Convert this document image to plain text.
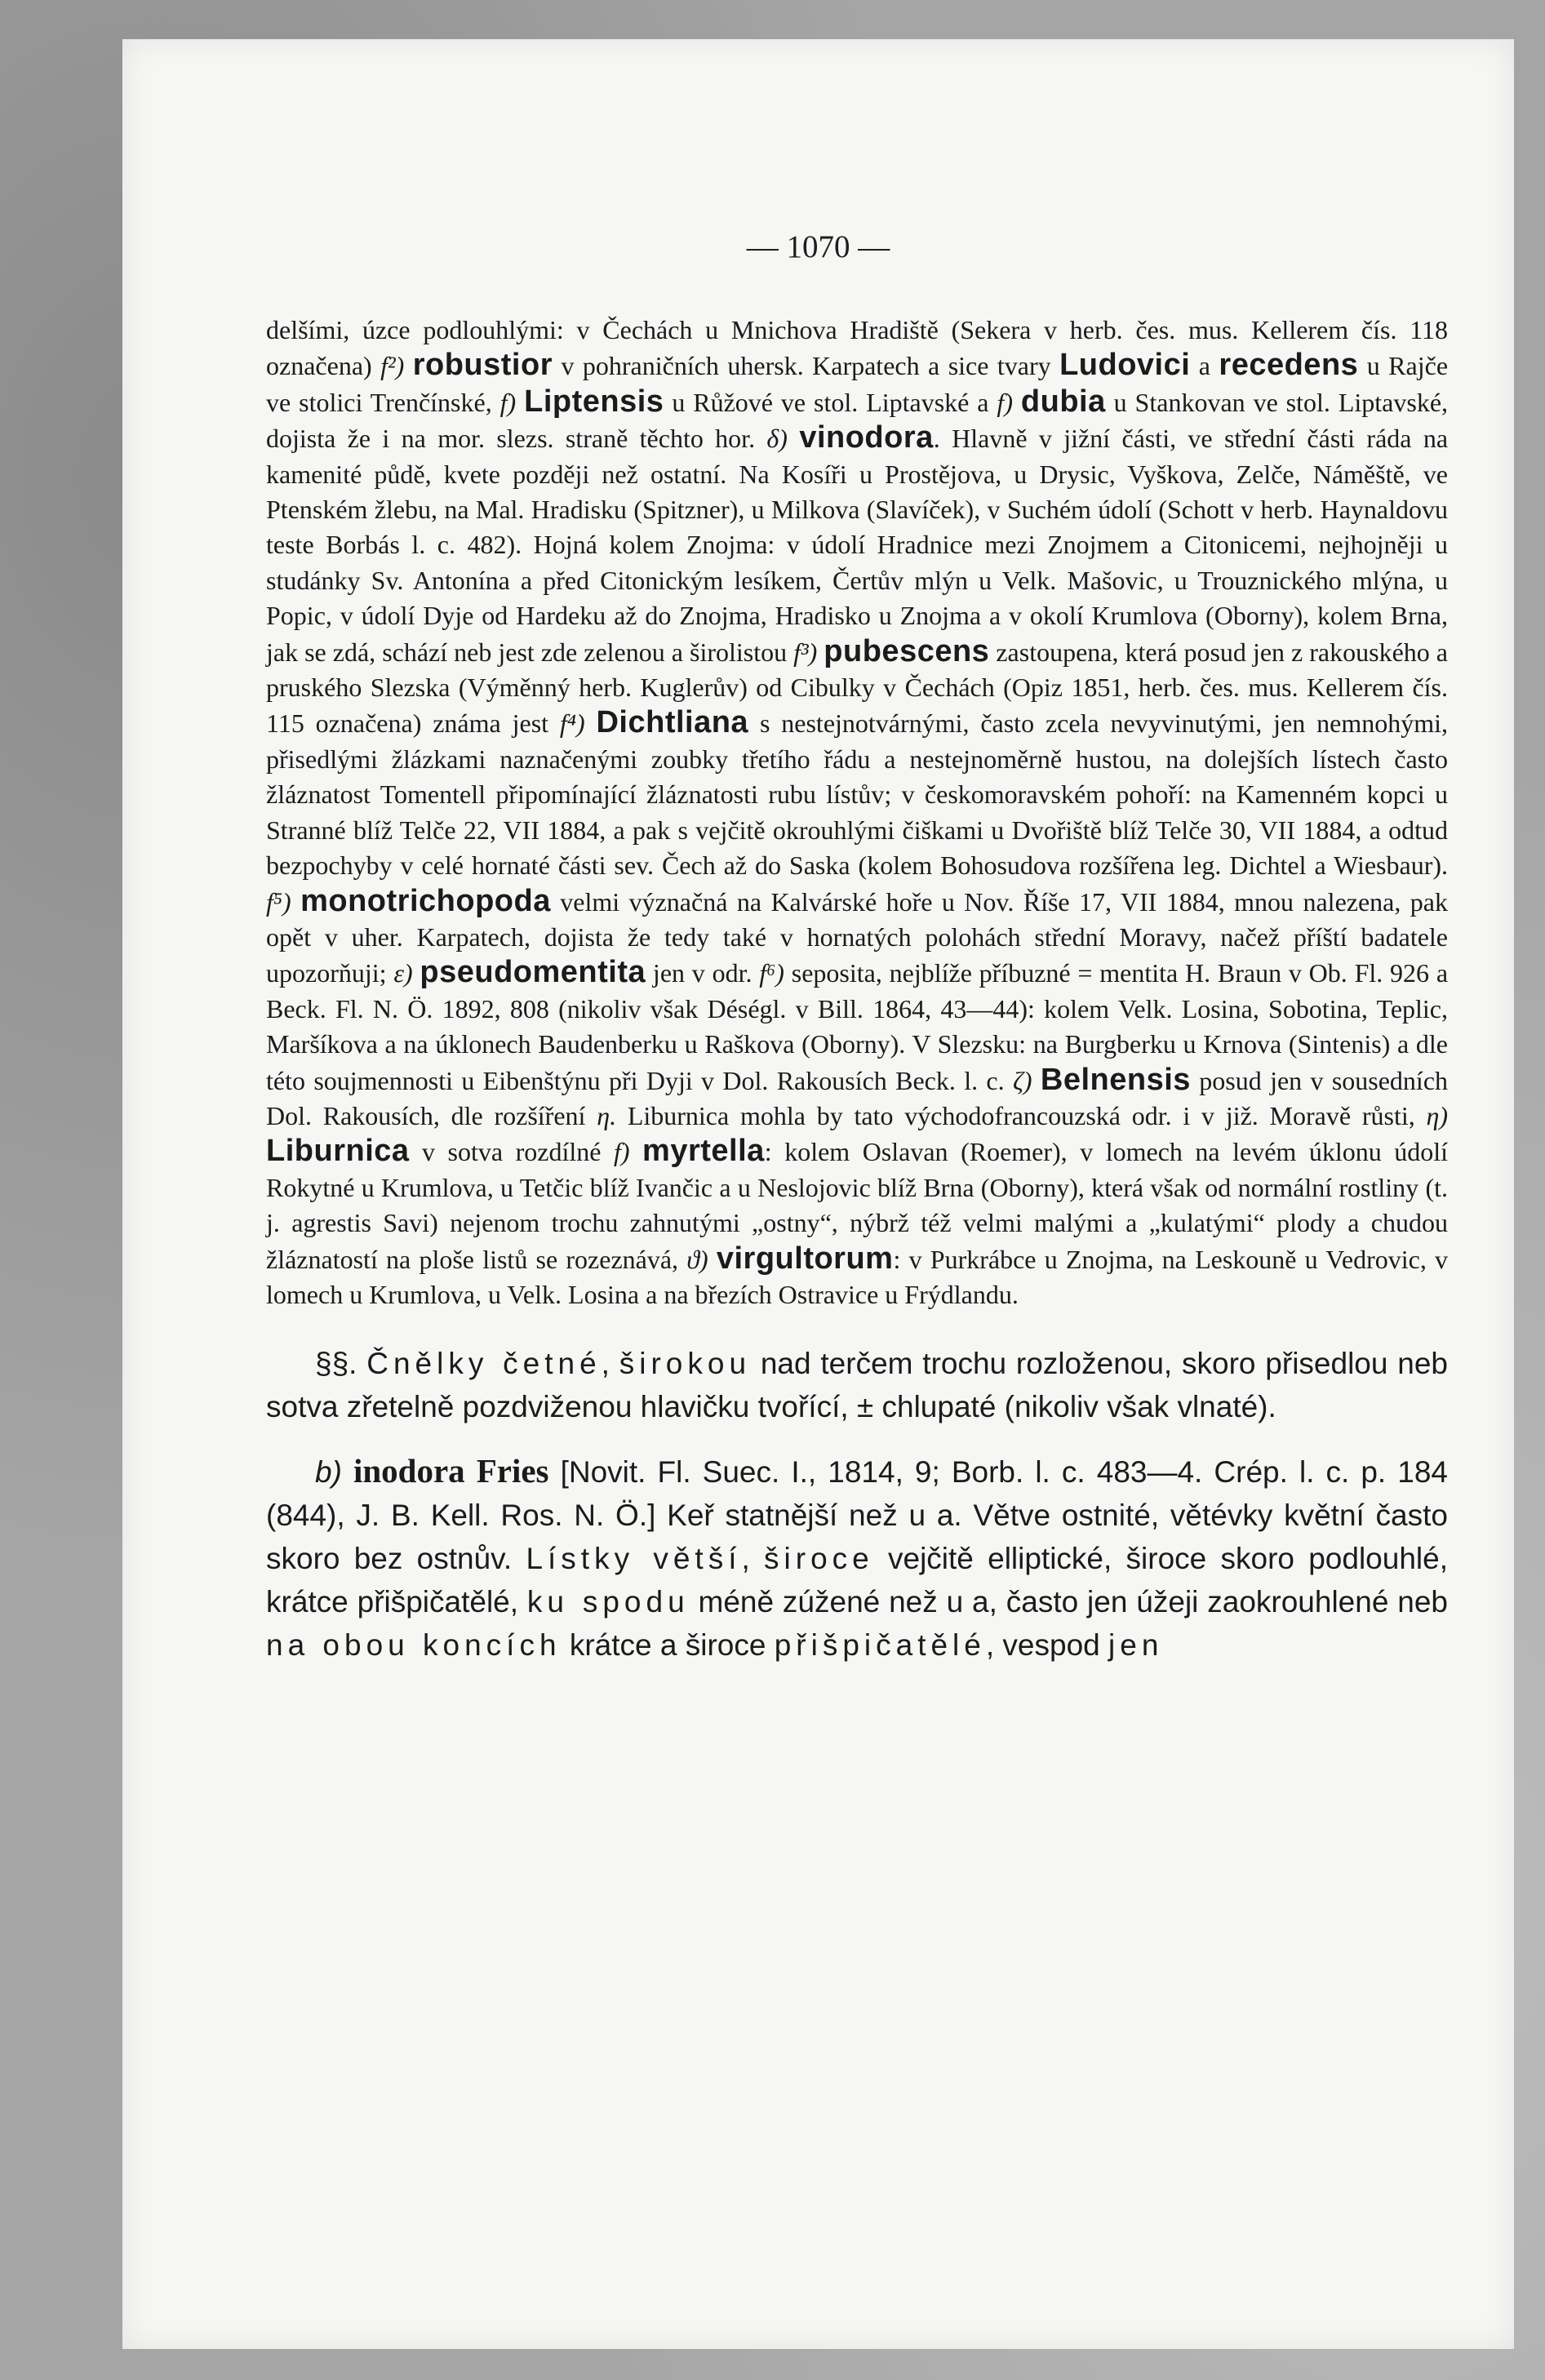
— 1070 —

delšími, úzce podlouhlými: v Čechách u Mnichova Hradiště (Sekera v herb. čes. mus. Kellerem čís. 118 označena) f²) robustior v pohraničních uhersk. Karpatech a sice tvary Ludovici a recedens u Rajče ve stolici Trenčínské, f) Liptensis u Růžové ve stol. Liptavské a f) dubia u Stankovan ve stol. Liptavské, dojista že i na mor. slezs. straně těchto hor. δ) vinodora. Hlavně v jižní části, ve střední části ráda na kamenité půdě, kvete později než ostatní. Na Kosíři u Prostějova, u Drysic, Vyškova, Zelče, Náměště, ve Ptenském žlebu, na Mal. Hradisku (Spitzner), u Milkova (Slavíček), v Suchém údolí (Schott v herb. Haynaldovu teste Borbás l. c. 482). Hojná kolem Znojma: v údolí Hradnice mezi Znojmem a Citonicemi, nejhojněji u studánky Sv. Antonína a před Citonickým lesíkem, Čertův mlýn u Velk. Mašovic, u Trouznického mlýna, u Popic, v údolí Dyje od Hardeku až do Znojma, Hradisko u Znojma a v okolí Krumlova (Oborny), kolem Brna, jak se zdá, schází neb jest zde zelenou a širolistou f³) pubescens zastoupena, která posud jen z rakouského a pruského Slezska (Výměnný herb. Kuglerův) od Cibulky v Čechách (Opiz 1851, herb. čes. mus. Kellerem čís. 115 označena) známa jest f⁴) Dichtliana s nestejnotvárnými, často zcela nevyvinutými, jen nemnohými, přisedlými žlázkami naznačenými zoubky třetího řádu a nestejnoměrně hustou, na dolejších lístech často žláznatost Tomentell připomínající žláznatosti rubu lístův; v českomoravském pohoří: na Kamenném kopci u Stranné blíž Telče 22, VII 1884, a pak s vejčitě okrouhlými čiškami u Dvořiště blíž Telče 30, VII 1884, a odtud bezpochyby v celé hornaté části sev. Čech až do Saska (kolem Bohosudova rozšířena leg. Dichtel a Wiesbaur). f⁵) monotrichopoda velmi význačná na Kalvárské hoře u Nov. Říše 17, VII 1884, mnou nalezena, pak opět v uher. Karpatech, dojista že tedy také v hornatých polohách střední Moravy, načež příští badatele upozorňuji; ε) pseudomentita jen v odr. f⁶) seposita, nejblíže příbuzné = mentita H. Braun v Ob. Fl. 926 a Beck. Fl. N. Ö. 1892, 808 (nikoliv však Déségl. v Bill. 1864, 43—44): kolem Velk. Losina, Sobotina, Teplic, Maršíkova a na úklonech Baudenberku u Raškova (Oborny). V Slezsku: na Burgberku u Krnova (Sintenis) a dle této soujmennosti u Eibenštýnu při Dyji v Dol. Rakousích Beck. l. c. ζ) Belnensis posud jen v sousedních Dol. Rakousích, dle rozšíření η. Liburnica mohla by tato východofrancouzská odr. i v již. Moravě růsti, η) Liburnica v sotva rozdílné f) myrtella: kolem Oslavan (Roemer), v lomech na levém úklonu údolí Rokytné u Krumlova, u Tetčic blíž Ivančic a u Neslojovic blíž Brna (Oborny), která však od normální rostliny (t. j. agrestis Savi) nejenom trochu zahnutými „ostny“, nýbrž též velmi malými a „kulatými“ plody a chudou žláznatostí na ploše listů se rozeznává, ϑ) virgultorum: v Purkrábce u Znojma, na Leskouně u Vedrovic, v lomech u Krumlova, u Velk. Losina a na březích Ostravice u Frýdlandu.

§§. Čnělky četné, širokou nad terčem trochu rozloženou, skoro přisedlou neb sotva zřetelně pozdviženou hlavičku tvořící, ± chlupaté (nikoliv však vlnaté).

b) inodora Fries [Novit. Fl. Suec. I., 1814, 9; Borb. l. c. 483—4. Crép. l. c. p. 184 (844), J. B. Kell. Ros. N. Ö.] Keř statnější než u a. Větve ostnité, větévky květní často skoro bez ostnův. Lístky větší, široce vejčitě elliptické, široce skoro podlouhlé, krátce přišpičatělé, ku spodu méně zúžené než u a, často jen úžeji zaokrouhlené neb na obou koncích krátce a široce přišpičatělé, vespod jen
